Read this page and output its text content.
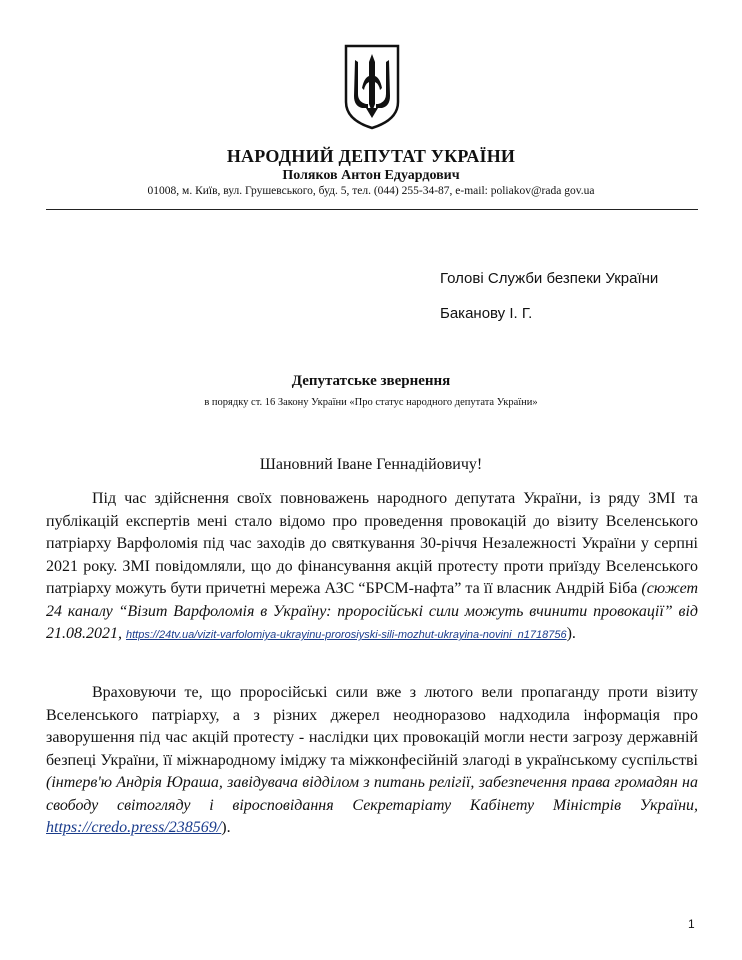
НАРОДНИЙ ДЕПУТАТ УКРАЇНИ
Поляков Антон Едуардович
01008, м. Київ, вул. Грушевського, буд. 5, тел. (044) 255-34-87, e-mail: poliakov@rada gov.ua
Голові Служби безпеки України
Баканову І. Г.
Депутатське звернення
в порядку ст. 16 Закону України «Про статус народного депутата України»
Шановний Іване Геннадійовичу!

Під час здійснення своїх повноважень народного депутата України, із ряду ЗМІ та публікацій експертів мені стало відомо про проведення провокацій до візиту Вселенського патріарху Варфоломія під час заходів до святкування 30-річчя Незалежності України у серпні 2021 року. ЗМІ повідомляли, що до фінансування акцій протесту проти приїзду Вселенського патріарху можуть бути причетні мережа АЗС “БРСМ-нафта” та її власник Андрій Біба (сюжет 24 каналу “Візит Варфоломія в Україну: проросійські сили можуть вчинити провокації” від 21.08.2021, https://24tv.ua/vizit-varfolomiya-ukrayinu-prorosiyski-sili-mozhut-ukrayina-novini_n1718756).

Враховуючи те, що проросійські сили вже з лютого вели пропаганду проти візиту Вселенського патріарху, а з різних джерел неодноразово надходила інформація про заворушення під час акцій протесту - наслідки цих провокацій могли нести загрозу державній безпеці України, її міжнародному іміджу та міжконфесійній злагоді в українському суспільстві (інтерв'ю Андрія Юраша, завідувача відділом з питань релігії, забезпечення права громадян на свободу світогляду і віросповідання Секретаріату Кабінету Міністрів України, https://credo.press/238569/).

1
